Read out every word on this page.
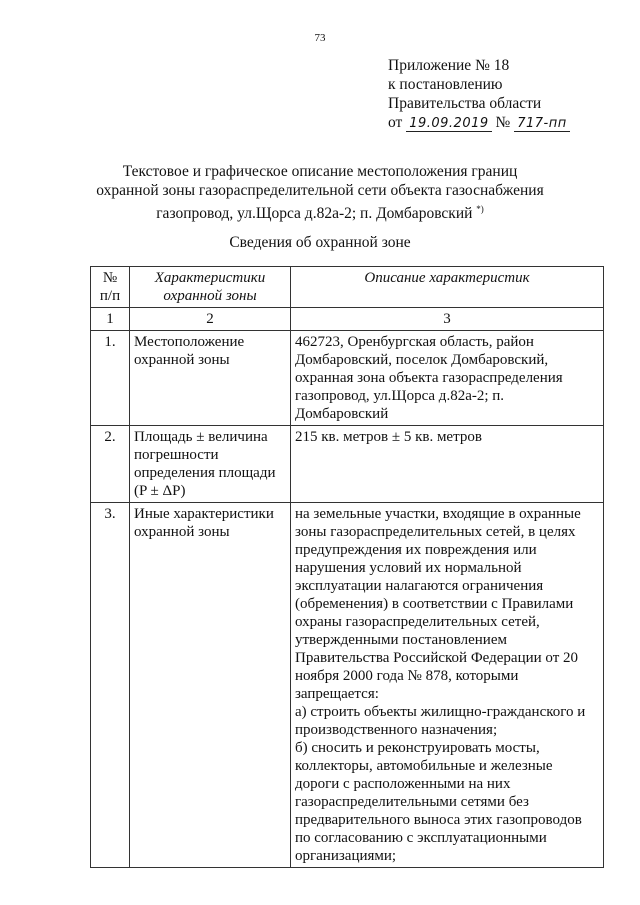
73
Приложение № 18
к постановлению
Правительства области
от 19.09.2019 № 717-пп
Текстовое и графическое описание местоположения границ
охранной зоны газораспределительной сети объекта газоснабжения
газопровод, ул.Щорса д.82а-2; п. Домбаровский *)
Сведения об охранной зоне
№ п/п	Характеристики охранной зоны	Описание характеристик
1	2	3
1.	Местоположение охранной зоны	462723, Оренбургская область, район Домбаровский, поселок Домбаровский, охранная зона объекта газораспределения газопровод, ул.Щорса д.82а-2; п. Домбаровский
2.	Площадь ± величина погрешности определения площади (P ± ΔP)	215 кв. метров ± 5 кв. метров
3.	Иные характеристики охранной зоны	на земельные участки, входящие в охранные зоны газораспределительных сетей, в целях предупреждения их повреждения или нарушения условий их нормальной эксплуатации налагаются ограничения (обременения) в соответствии с Правилами охраны газораспределительных сетей, утвержденными постановлением Правительства Российской Федерации от 20 ноября 2000 года № 878, которыми запрещается:
а) строить объекты жилищно-гражданского и производственного назначения;
б) сносить и реконструировать мосты, коллекторы, автомобильные и железные дороги с расположенными на них газораспределительными сетями без предварительного выноса этих газопроводов по согласованию с эксплуатационными организациями;
